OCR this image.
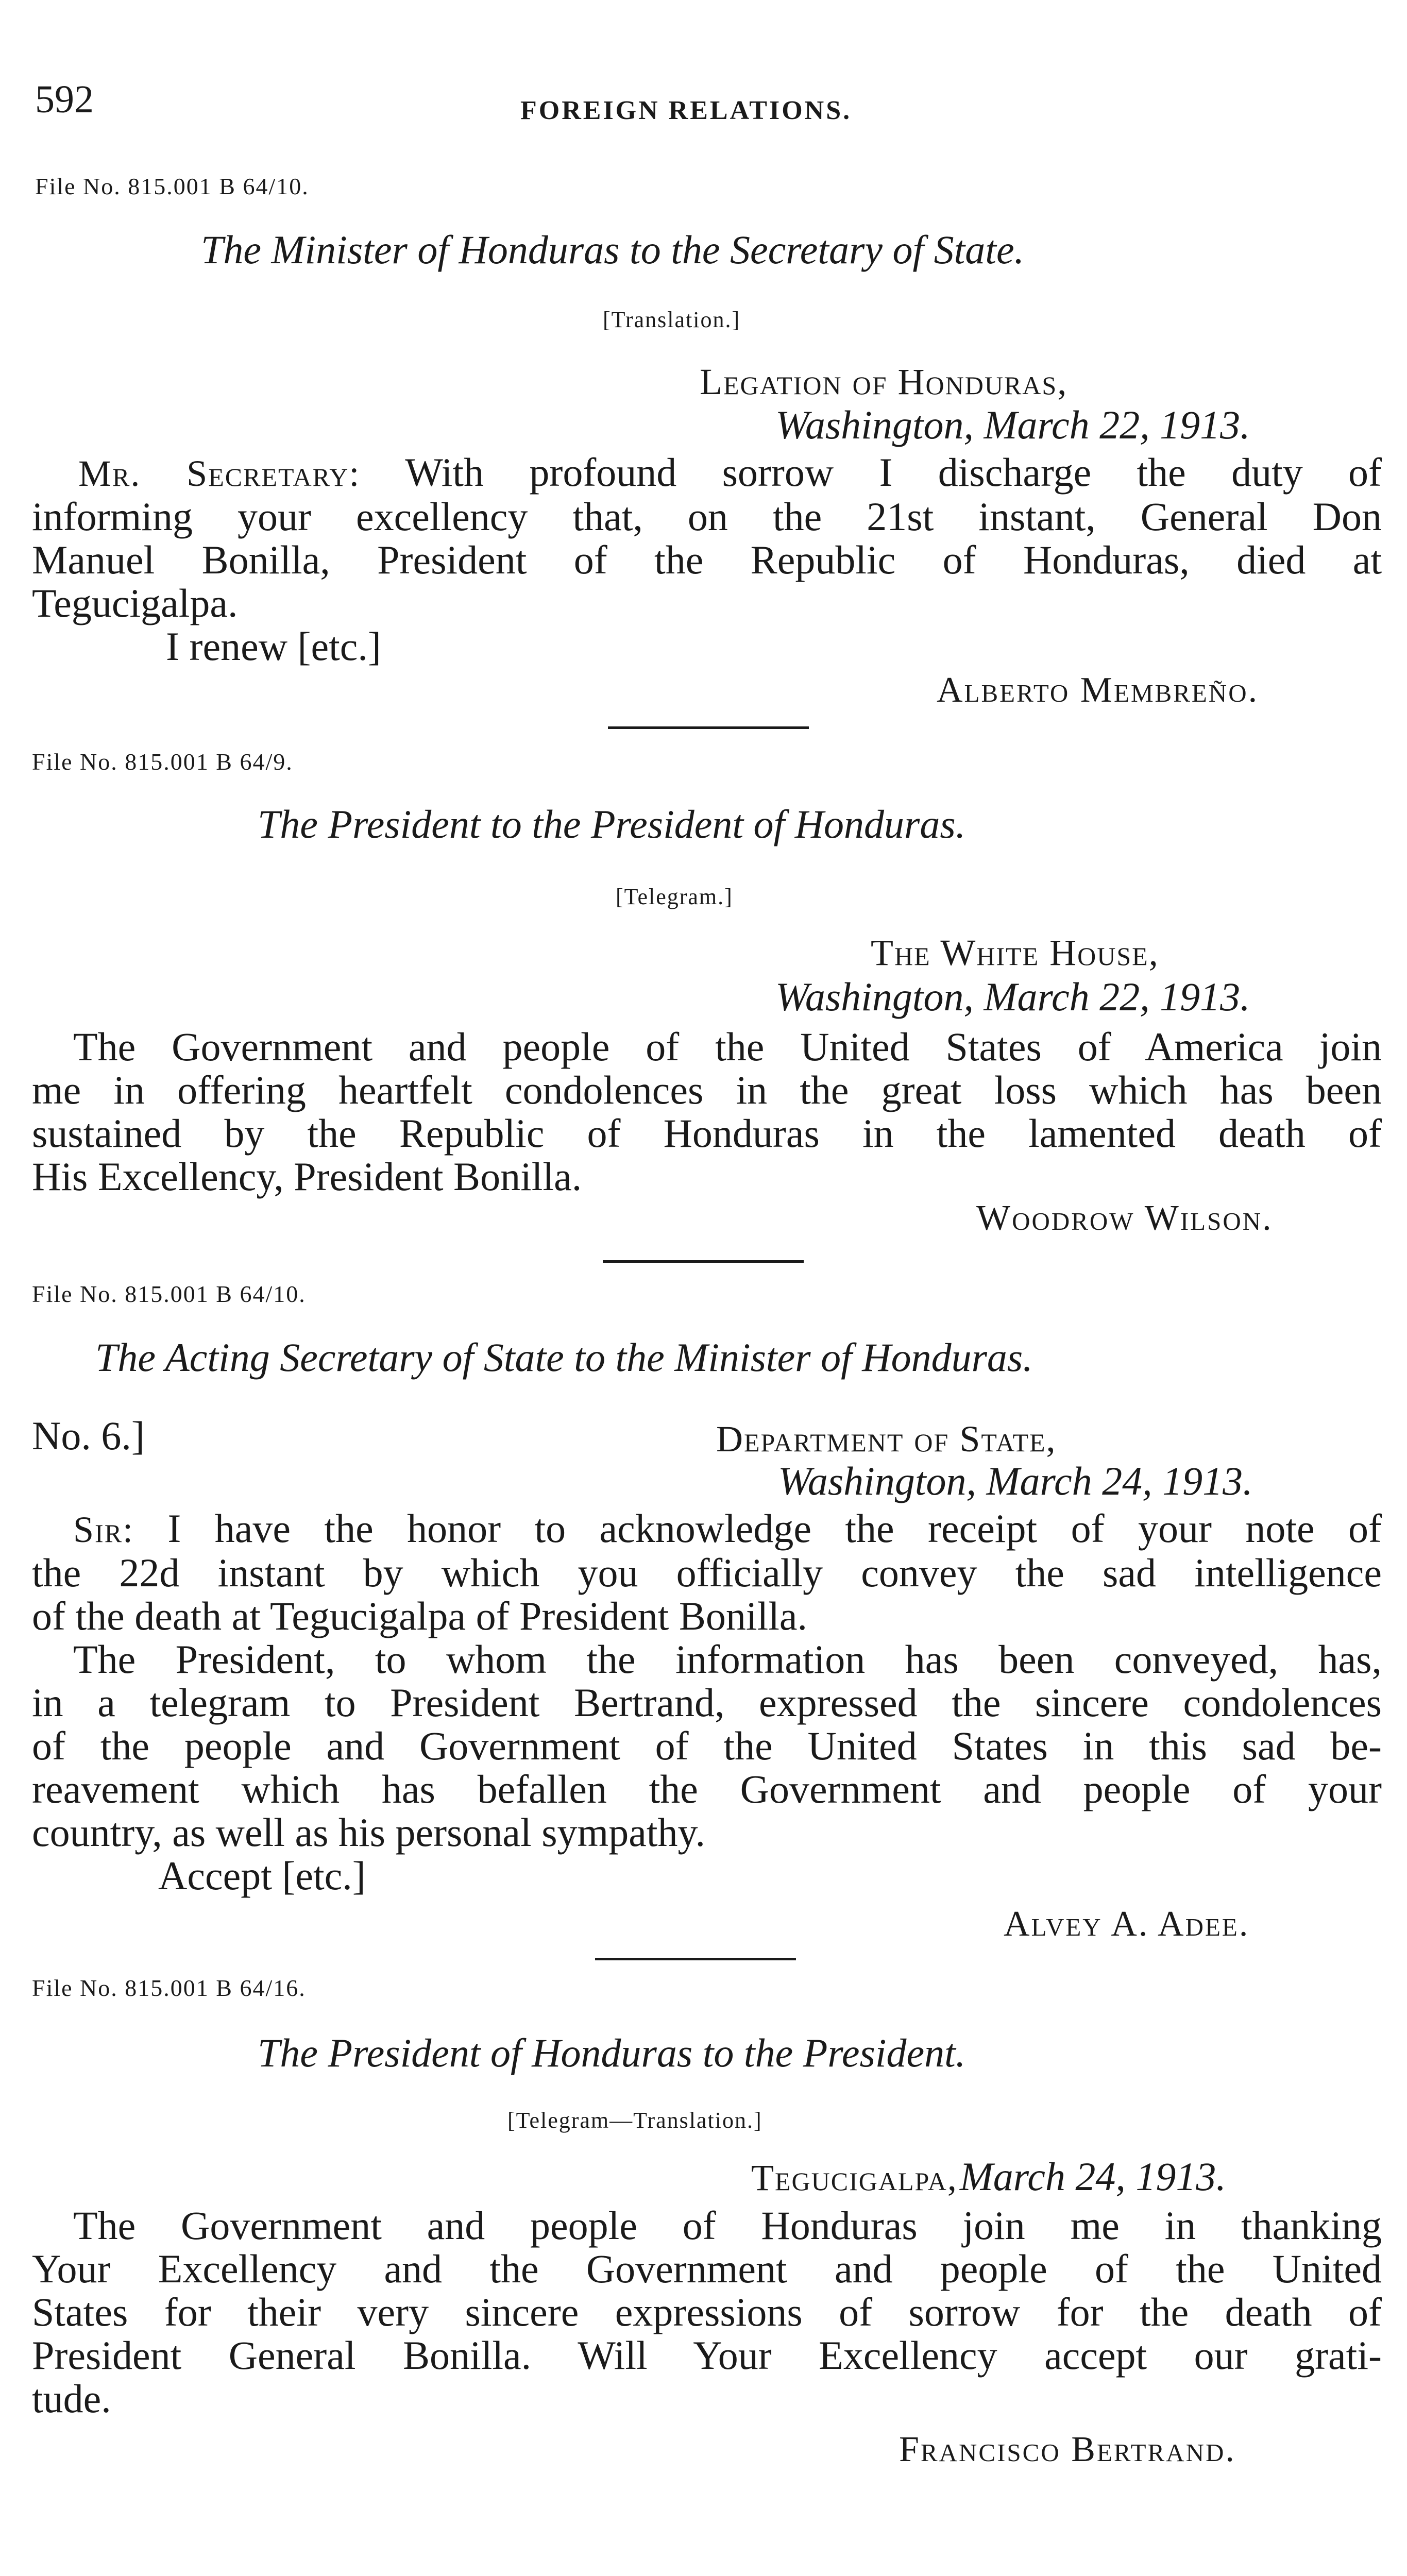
592	FOREIGN RELATIONS.
File No. 815.001 B 64/10.
The Minister of Honduras to the Secretary of State.
[Translation.]
Legation of Honduras,
Washington, March 22, 1913.
Mr. Secretary: With profound sorrow I discharge the duty of
informing your excellency that, on the 21st instant, General Don
Manuel Bonilla, President of the Republic of Honduras, died at
Tegucigalpa.
I renew [etc.]
Alberto Membreño.
File No. 815.001 B 64/9.
The President to the President of Honduras.
[Telegram.]
The White House,
Washington, March 22, 1913.
The Government and people of the United States of America join
me in offering heartfelt condolences in the great loss which has been
sustained by the Republic of Honduras in the lamented death of
His Excellency, President Bonilla.
Woodrow Wilson.
File No. 815.001 B 64/10.
The Acting Secretary of State to the Minister of Honduras.
No. 6.]	Department of State,
Washington, March 24, 1913.
Sir: I have the honor to acknowledge the receipt of your note of
the 22d instant by which you officially convey the sad intelligence
of the death at Tegucigalpa of President Bonilla.
The President, to whom the information has been conveyed, has,
in a telegram to President Bertrand, expressed the sincere condolences
of the people and Government of the United States in this sad be-
reavement which has befallen the Government and people of your
country, as well as his personal sympathy.
Accept [etc.]
Alvey A. Adee.
File No. 815.001 B 64/16.
The President of Honduras to the President.
[Telegram—Translation.]
Tegucigalpa, March 24, 1913.
The Government and people of Honduras join me in thanking
Your Excellency and the Government and people of the United
States for their very sincere expressions of sorrow for the death of
President General Bonilla. Will Your Excellency accept our grati-
tude.
Francisco Bertrand.
